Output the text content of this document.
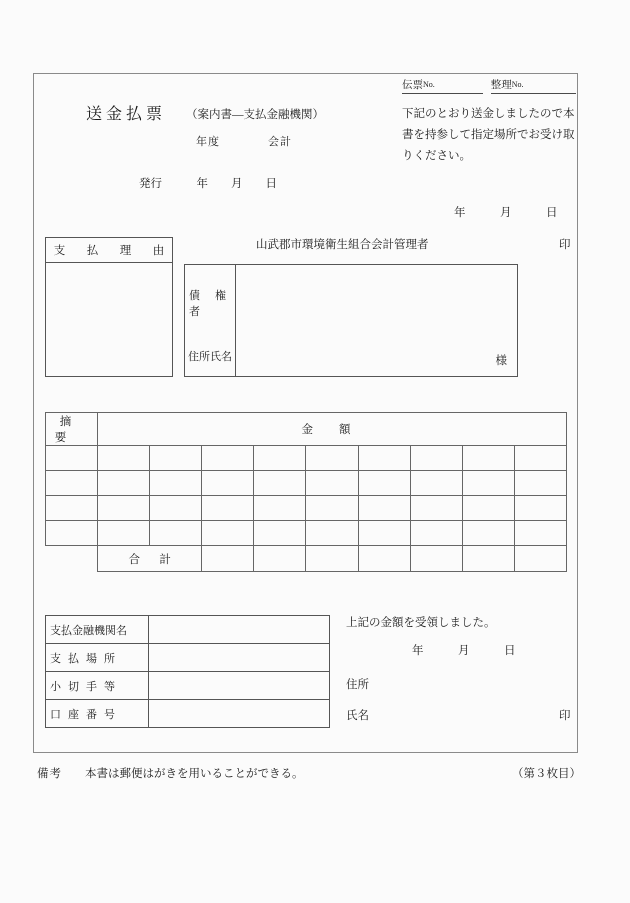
送金払票 （案内書—支払金融機関）
年度　　　　会計
発行　　　年　　月　　日
伝票No.	整理No.
下記のとおり送金しましたので本書を持参して指定場所でお受け取りください。
年　　　月　　　日
支　払　理　由	山武郡市環境衛生組合会計管理者	印
債　権　者
住所氏名	様
摘要	金額								

	合　計								
支払金融機関名	
支払場所	
小切手等	
口座番号	
上記の金額を受領しました。
年　　　月　　　日
住所
氏名	印
備考　　 本書は郵便はがきを用いることができる。	（第３枚目）
